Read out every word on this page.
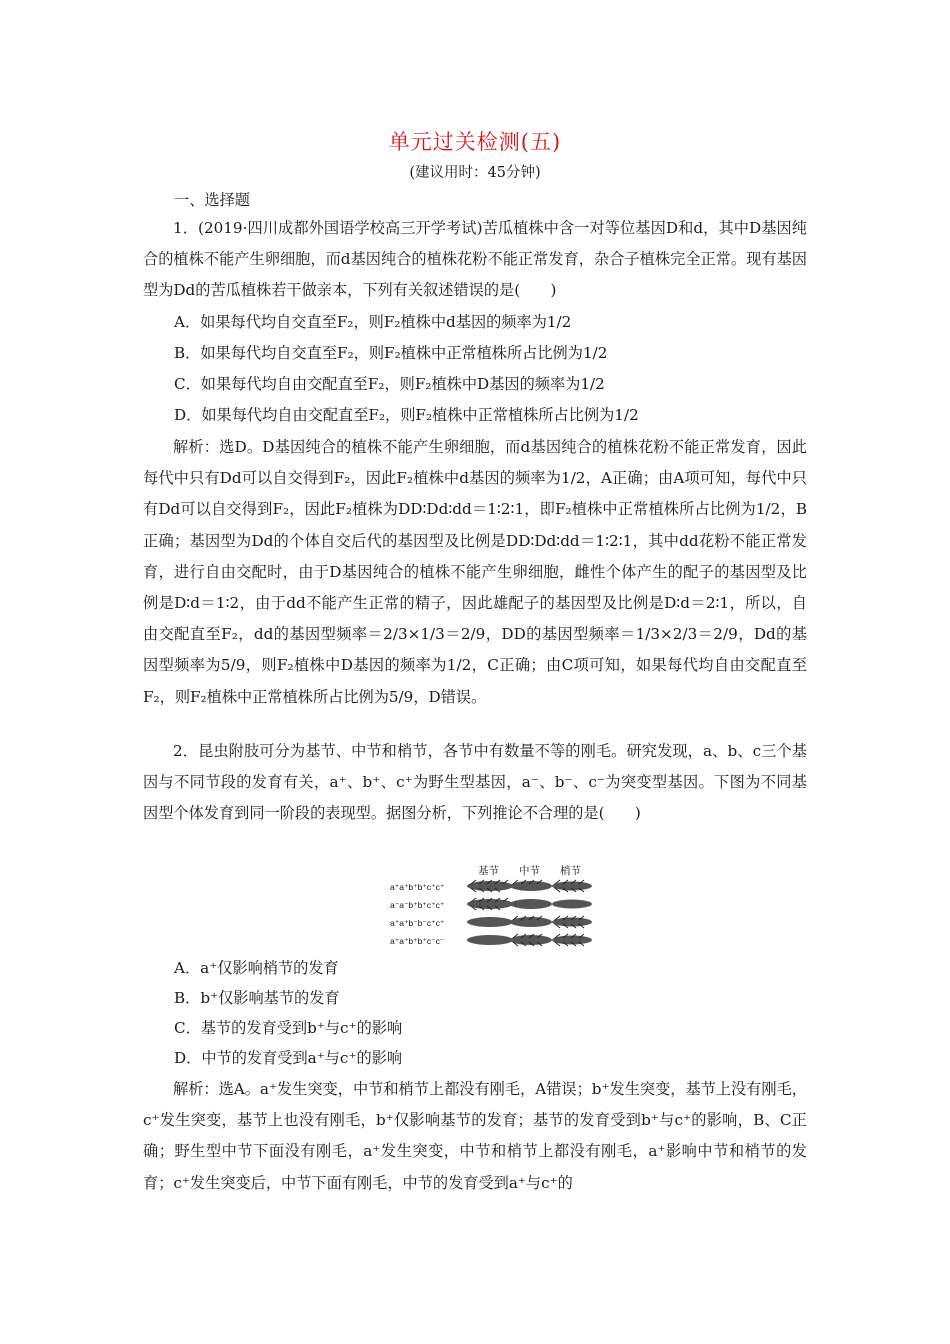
单元过关检测(五)
(建议用时：45分钟)

一、选择题

1．(2019·四川成都外国语学校高三开学考试)苦瓜植株中含一对等位基因D和d，其中D基因纯合的植株不能产生卵细胞，而d基因纯合的植株花粉不能正常发育，杂合子植株完全正常。现有基因型为Dd的苦瓜植株若干做亲本，下列有关叙述错误的是(　　)

A．如果每代均自交直至F₂，则F₂植株中d基因的频率为1/2

B．如果每代均自交直至F₂，则F₂植株中正常植株所占比例为1/2

C．如果每代均自由交配直至F₂，则F₂植株中D基因的频率为1/2

D．如果每代均自由交配直至F₂，则F₂植株中正常植株所占比例为1/2

解析：选D。D基因纯合的植株不能产生卵细胞，而d基因纯合的植株花粉不能正常发育，因此每代中只有Dd可以自交得到F₂，因此F₂植株中d基因的频率为1/2，A正确；由A项可知，每代中只有Dd可以自交得到F₂，因此F₂植株为DD∶Dd∶dd＝1∶2∶1，即F₂植株中正常植株所占比例为1/2，B正确；基因型为Dd的个体自交后代的基因型及比例是DD∶Dd∶dd＝1∶2∶1，其中dd花粉不能正常发育，进行自由交配时，由于D基因纯合的植株不能产生卵细胞，雌性个体产生的配子的基因型及比例是D∶d＝1∶2，由于dd不能产生正常的精子，因此雄配子的基因型及比例是D∶d＝2∶1，所以，自由交配直至F₂，dd的基因型频率＝2/3×1/3＝2/9，DD的基因型频率＝1/3×2/3＝2/9，Dd的基因型频率为5/9，则F₂植株中D基因的频率为1/2，C正确；由C项可知，如果每代均自由交配直至F₂，则F₂植株中正常植株所占比例为5/9，D错误。

2．昆虫附肢可分为基节、中节和梢节，各节中有数量不等的刚毛。研究发现，a、b、c三个基因与不同节段的发育有关，a⁺、b⁺、c⁺为野生型基因，a⁻、b⁻、c⁻为突变型基因。下图为不同基因型个体发育到同一阶段的表现型。据图分析，下列推论不合理的是(　　)

基节 中节 梢节
a⁺a⁺b⁺b⁺c⁺c⁺
a⁻a⁻b⁺b⁺c⁺c⁺
a⁺a⁺b⁻b⁻c⁺c⁺
a⁺a⁺b⁺b⁺c⁻c⁻

A．a⁺仅影响梢节的发育

B．b⁺仅影响基节的发育

C．基节的发育受到b⁺与c⁺的影响

D．中节的发育受到a⁺与c⁺的影响

解析：选A。a⁺发生突变，中节和梢节上都没有刚毛，A错误；b⁺发生突变，基节上没有刚毛，c⁺发生突变，基节上也没有刚毛，b⁺仅影响基节的发育；基节的发育受到b⁺与c⁺的影响，B、C正确；野生型中节下面没有刚毛，a⁺发生突变，中节和梢节上都没有刚毛，a⁺影响中节和梢节的发育；c⁺发生突变后，中节下面有刚毛，中节的发育受到a⁺与c⁺的
